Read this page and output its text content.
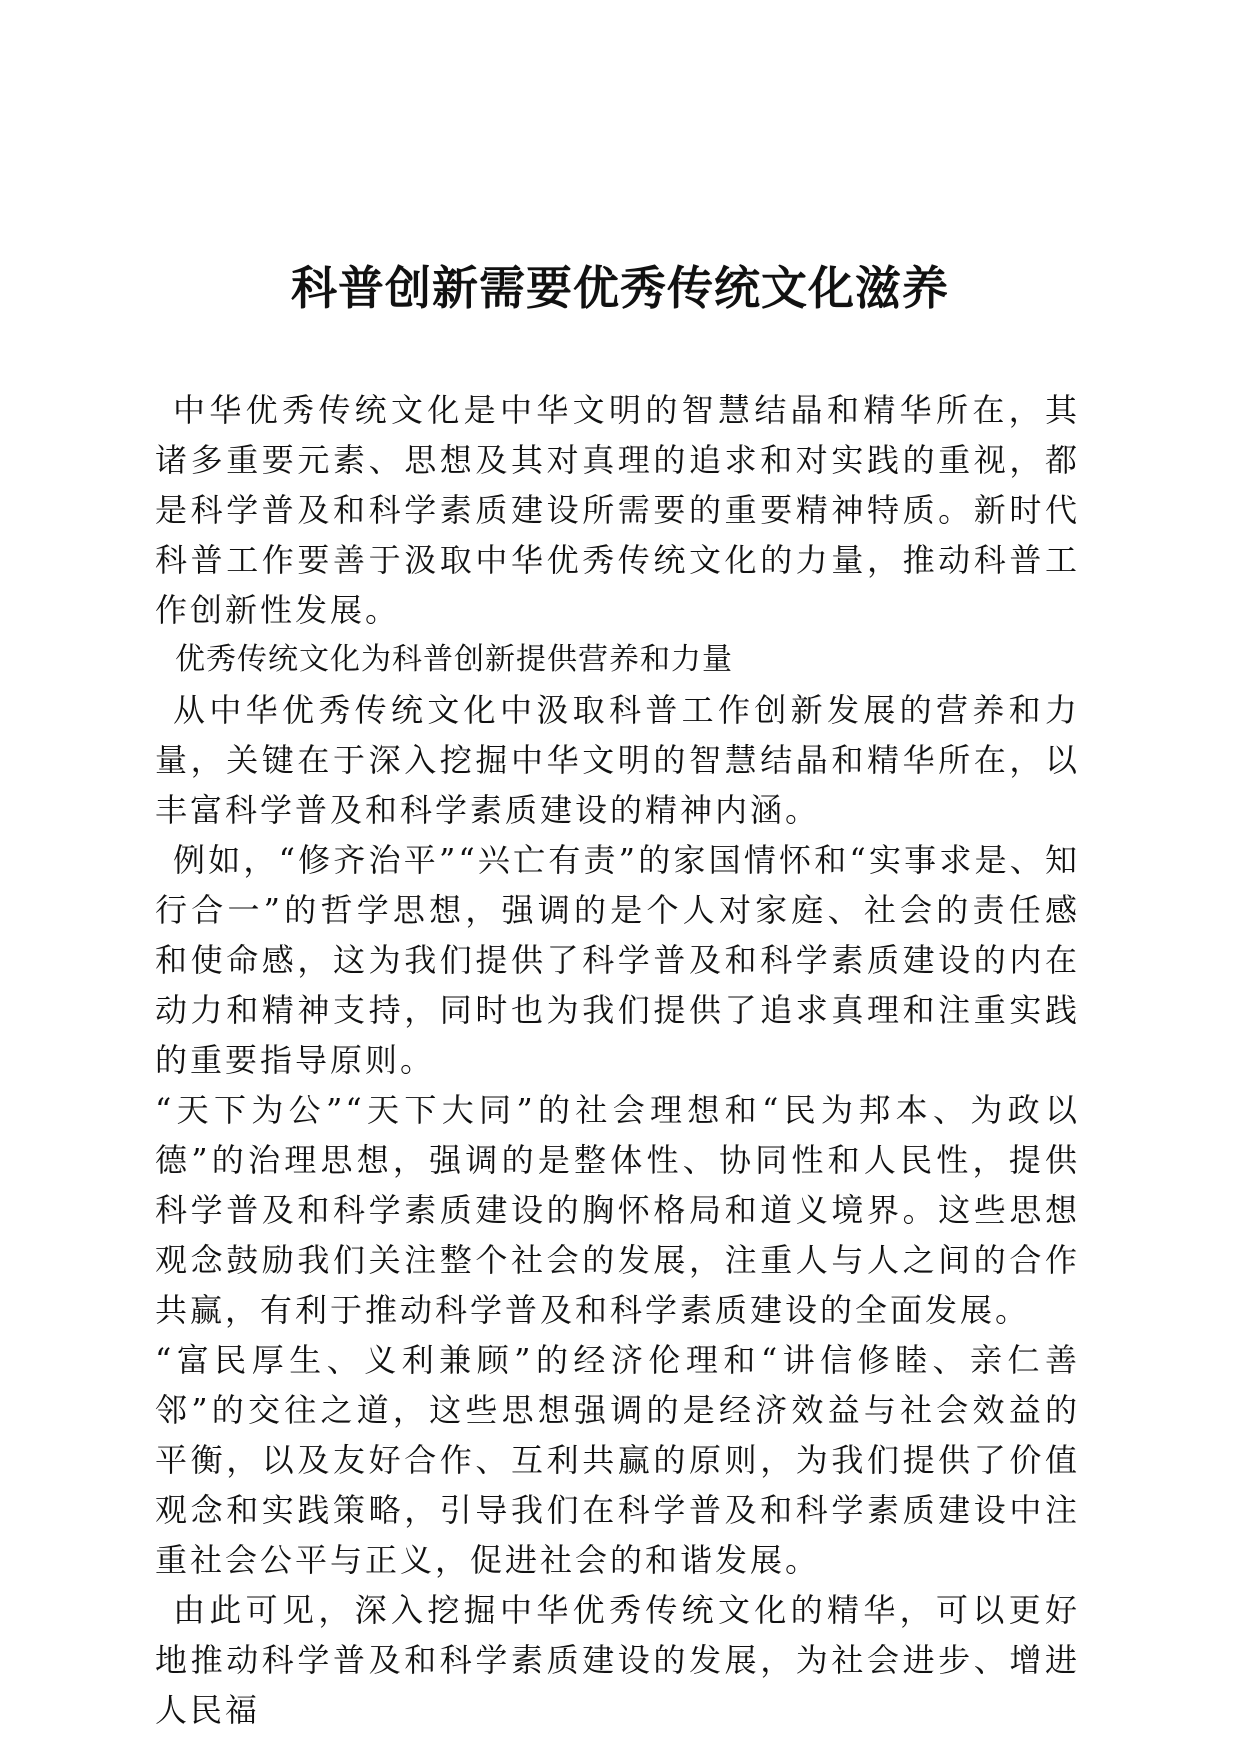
科普创新需要优秀传统文化滋养

中华优秀传统文化是中华文明的智慧结晶和精华所在，其诸多重要元素、思想及其对真理的追求和对实践的重视，都是科学普及和科学素质建设所需要的重要精神特质。新时代科普工作要善于汲取中华优秀传统文化的力量，推动科普工作创新性发展。

优秀传统文化为科普创新提供营养和力量

从中华优秀传统文化中汲取科普工作创新发展的营养和力量，关键在于深入挖掘中华文明的智慧结晶和精华所在，以丰富科学普及和科学素质建设的精神内涵。

例如，“修齐治平”“兴亡有责”的家国情怀和“实事求是、知行合一”的哲学思想，强调的是个人对家庭、社会的责任感和使命感，这为我们提供了科学普及和科学素质建设的内在动力和精神支持，同时也为我们提供了追求真理和注重实践的重要指导原则。

“天下为公”“天下大同”的社会理想和“民为邦本、为政以德”的治理思想，强调的是整体性、协同性和人民性，提供科学普及和科学素质建设的胸怀格局和道义境界。这些思想观念鼓励我们关注整个社会的发展，注重人与人之间的合作共赢，有利于推动科学普及和科学素质建设的全面发展。

“富民厚生、义利兼顾”的经济伦理和“讲信修睦、亲仁善邻”的交往之道，这些思想强调的是经济效益与社会效益的平衡，以及友好合作、互利共赢的原则，为我们提供了价值观念和实践策略，引导我们在科学普及和科学素质建设中注重社会公平与正义，促进社会的和谐发展。

由此可见，深入挖掘中华优秀传统文化的精华，可以更好地推动科学普及和科学素质建设的发展，为社会进步、增进人民福
